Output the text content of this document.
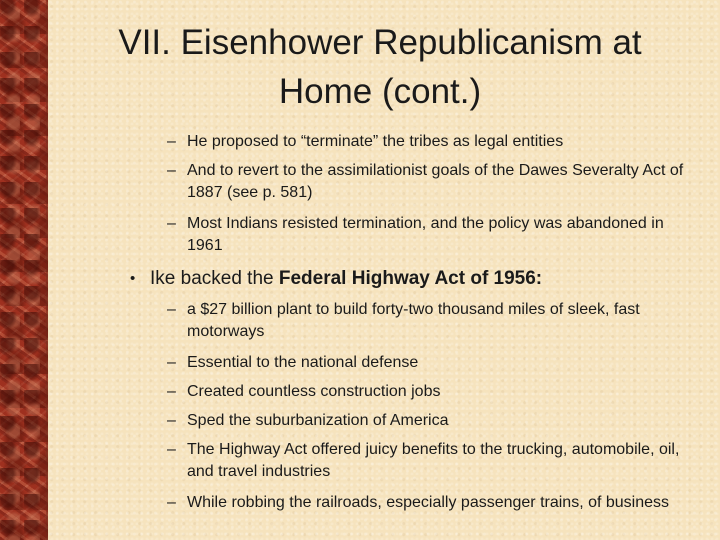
VII. Eisenhower Republicanism at
Home (cont.)
– He proposed to “terminate” the tribes as legal entities
– And to revert to the assimilationist goals of the Dawes Severalty Act of 1887 (see p. 581)
– Most Indians resisted termination, and the policy was abandoned in 1961
• Ike backed the Federal Highway Act of 1956:
– a $27 billion plant to build forty-two thousand miles of sleek, fast motorways
– Essential to the national defense
– Created countless construction jobs
– Sped the suburbanization of America
– The Highway Act offered juicy benefits to the trucking, automobile, oil, and travel industries
– While robbing the railroads, especially passenger trains, of business
